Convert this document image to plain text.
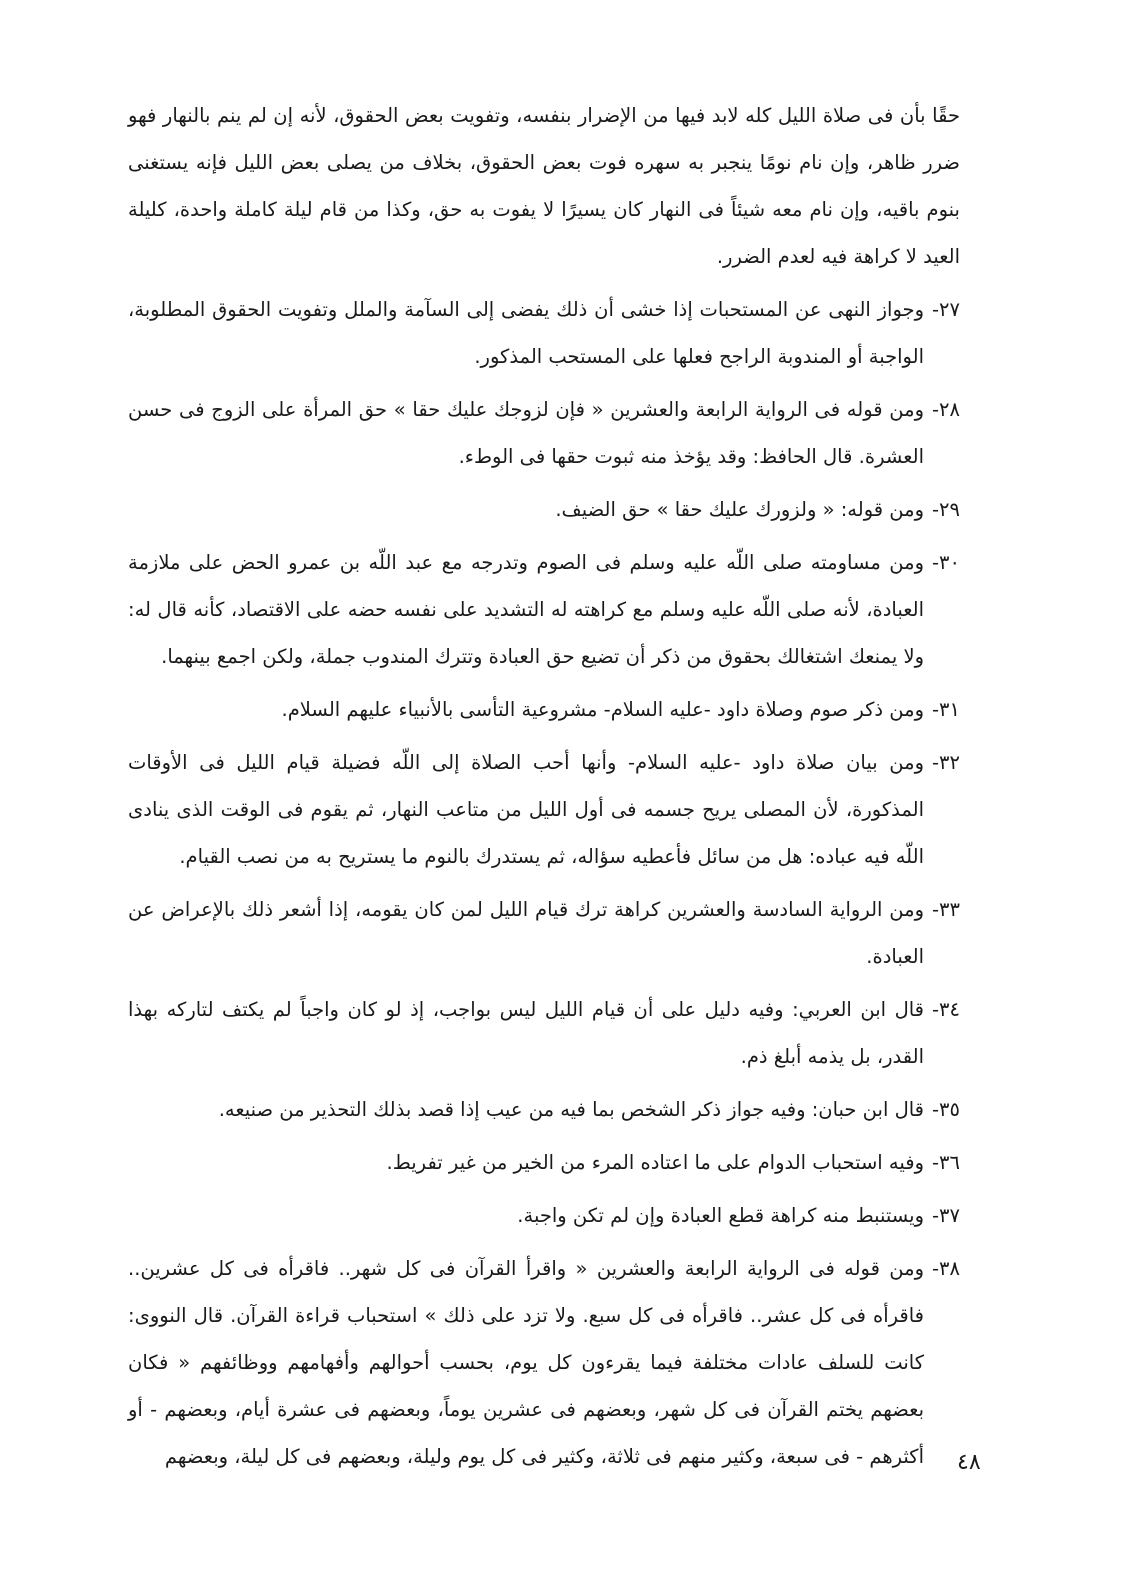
حقًا بأن فى صلاة الليل كله لابد فيها من الإضرار بنفسه، وتفويت بعض الحقوق، لأنه إن لم ينم بالنهار فهو ضرر ظاهر، وإن نام نومًا ينجبر به سهره فوت بعض الحقوق، بخلاف من يصلى بعض الليل فإنه يستغنى بنوم باقيه، وإن نام معه شيئاً فى النهار كان يسيرًا لا يفوت به حق، وكذا من قام ليلة كاملة واحدة، كليلة العيد لا كراهة فيه لعدم الضرر.

٢٧-
وجواز النهى عن المستحبات إذا خشى أن ذلك يفضى إلى السآمة والملل وتفويت الحقوق المطلوبة، الواجبة أو المندوبة الراجح فعلها على المستحب المذكور.
٢٨-
ومن قوله فى الرواية الرابعة والعشرين « فإن لزوجك عليك حقا » حق المرأة على الزوج فى حسن العشرة. قال الحافظ: وقد يؤخذ منه ثبوت حقها فى الوطء.
٢٩-
ومن قوله: « ولزورك عليك حقا » حق الضيف.
٣٠-
ومن مساومته صلى اللّه عليه وسلم فى الصوم وتدرجه مع عبد اللّه بن عمرو الحض على ملازمة العبادة، لأنه صلى اللّه عليه وسلم مع كراهته له التشديد على نفسه حضه على الاقتصاد، كأنه قال له: ولا يمنعك اشتغالك بحقوق من ذكر أن تضيع حق العبادة وتترك المندوب جملة، ولكن اجمع بينهما.
٣١-
ومن ذكر صوم وصلاة داود -عليه السلام- مشروعية التأسى بالأنبياء عليهم السلام.
٣٢-
ومن بيان صلاة داود -عليه السلام- وأنها أحب الصلاة إلى اللّه فضيلة قيام الليل فى الأوقات المذكورة، لأن المصلى يريح جسمه فى أول الليل من متاعب النهار، ثم يقوم فى الوقت الذى ينادى اللّه فيه عباده: هل من سائل فأعطيه سؤاله، ثم يستدرك بالنوم ما يستريح به من نصب القيام.
٣٣-
ومن الرواية السادسة والعشرين كراهة ترك قيام الليل لمن كان يقومه، إذا أشعر ذلك بالإعراض عن العبادة.
٣٤-
قال ابن العربي: وفيه دليل على أن قيام الليل ليس بواجب، إذ لو كان واجباً لم يكتف لتاركه بهذا القدر، بل يذمه أبلغ ذم.
٣٥-
قال ابن حبان: وفيه جواز ذكر الشخص بما فيه من عيب إذا قصد بذلك التحذير من صنيعه.
٣٦-
وفيه استحباب الدوام على ما اعتاده المرء من الخير من غير تفريط.
٣٧-
ويستنبط منه كراهة قطع العبادة وإن لم تكن واجبة.
٣٨-
ومن قوله فى الرواية الرابعة والعشرين « واقرأ القرآن فى كل شهر.. فاقرأه فى كل عشرين.. فاقرأه فى كل عشر.. فاقرأه فى كل سبع. ولا تزد على ذلك » استحباب قراءة القرآن. قال النووى: كانت للسلف عادات مختلفة فيما يقرءون كل يوم، بحسب أحوالهم وأفهامهم ووظائفهم « فكان بعضهم يختم القرآن فى كل شهر، وبعضهم فى عشرين يوماً، وبعضهم فى عشرة أيام، وبعضهم - أو أكثرهم - فى سبعة، وكثير منهم فى ثلاثة، وكثير فى كل يوم وليلة، وبعضهم فى كل ليلة، وبعضهم ٤٨
